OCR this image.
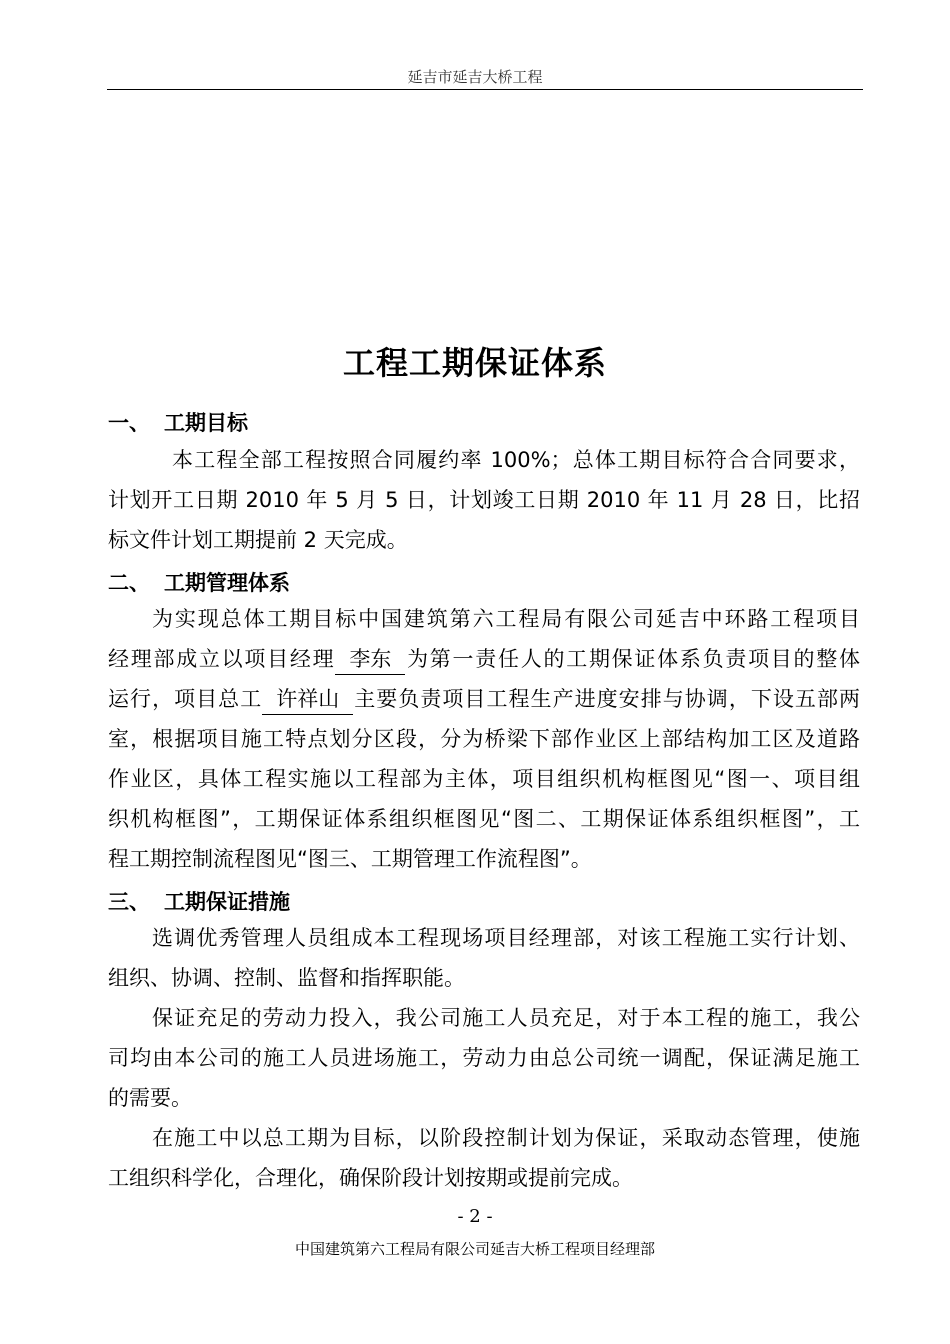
延吉市延吉大桥工程
工程工期保证体系
一、 工期目标
本工程全部工程按照合同履约率 100%；总体工期目标符合合同要求，
计划开工日期 2010 年 5 月 5 日，计划竣工日期 2010 年 11 月 28 日，比招
标文件计划工期提前 2 天完成。
二、 工期管理体系
为实现总体工期目标中国建筑第六工程局有限公司延吉中环路工程项目
经理部成立以项目经理 李东 为第一责任人的工期保证体系负责项目的整体
运行，项目总工 许祥山 主要负责项目工程生产进度安排与协调，下设五部两
室，根据项目施工特点划分区段，分为桥梁下部作业区上部结构加工区及道路
作业区，具体工程实施以工程部为主体，项目组织机构框图见“图一、项目组
织机构框图”，工期保证体系组织框图见“图二、工期保证体系组织框图”，工
程工期控制流程图见“图三、工期管理工作流程图”。
三、 工期保证措施
选调优秀管理人员组成本工程现场项目经理部，对该工程施工实行计划、
组织、协调、控制、监督和指挥职能。
保证充足的劳动力投入，我公司施工人员充足，对于本工程的施工，我公
司均由本公司的施工人员进场施工，劳动力由总公司统一调配，保证满足施工
的需要。
在施工中以总工期为目标，以阶段控制计划为保证，采取动态管理，使施
工组织科学化，合理化，确保阶段计划按期或提前完成。
- 2 -
中国建筑第六工程局有限公司延吉大桥工程项目经理部
